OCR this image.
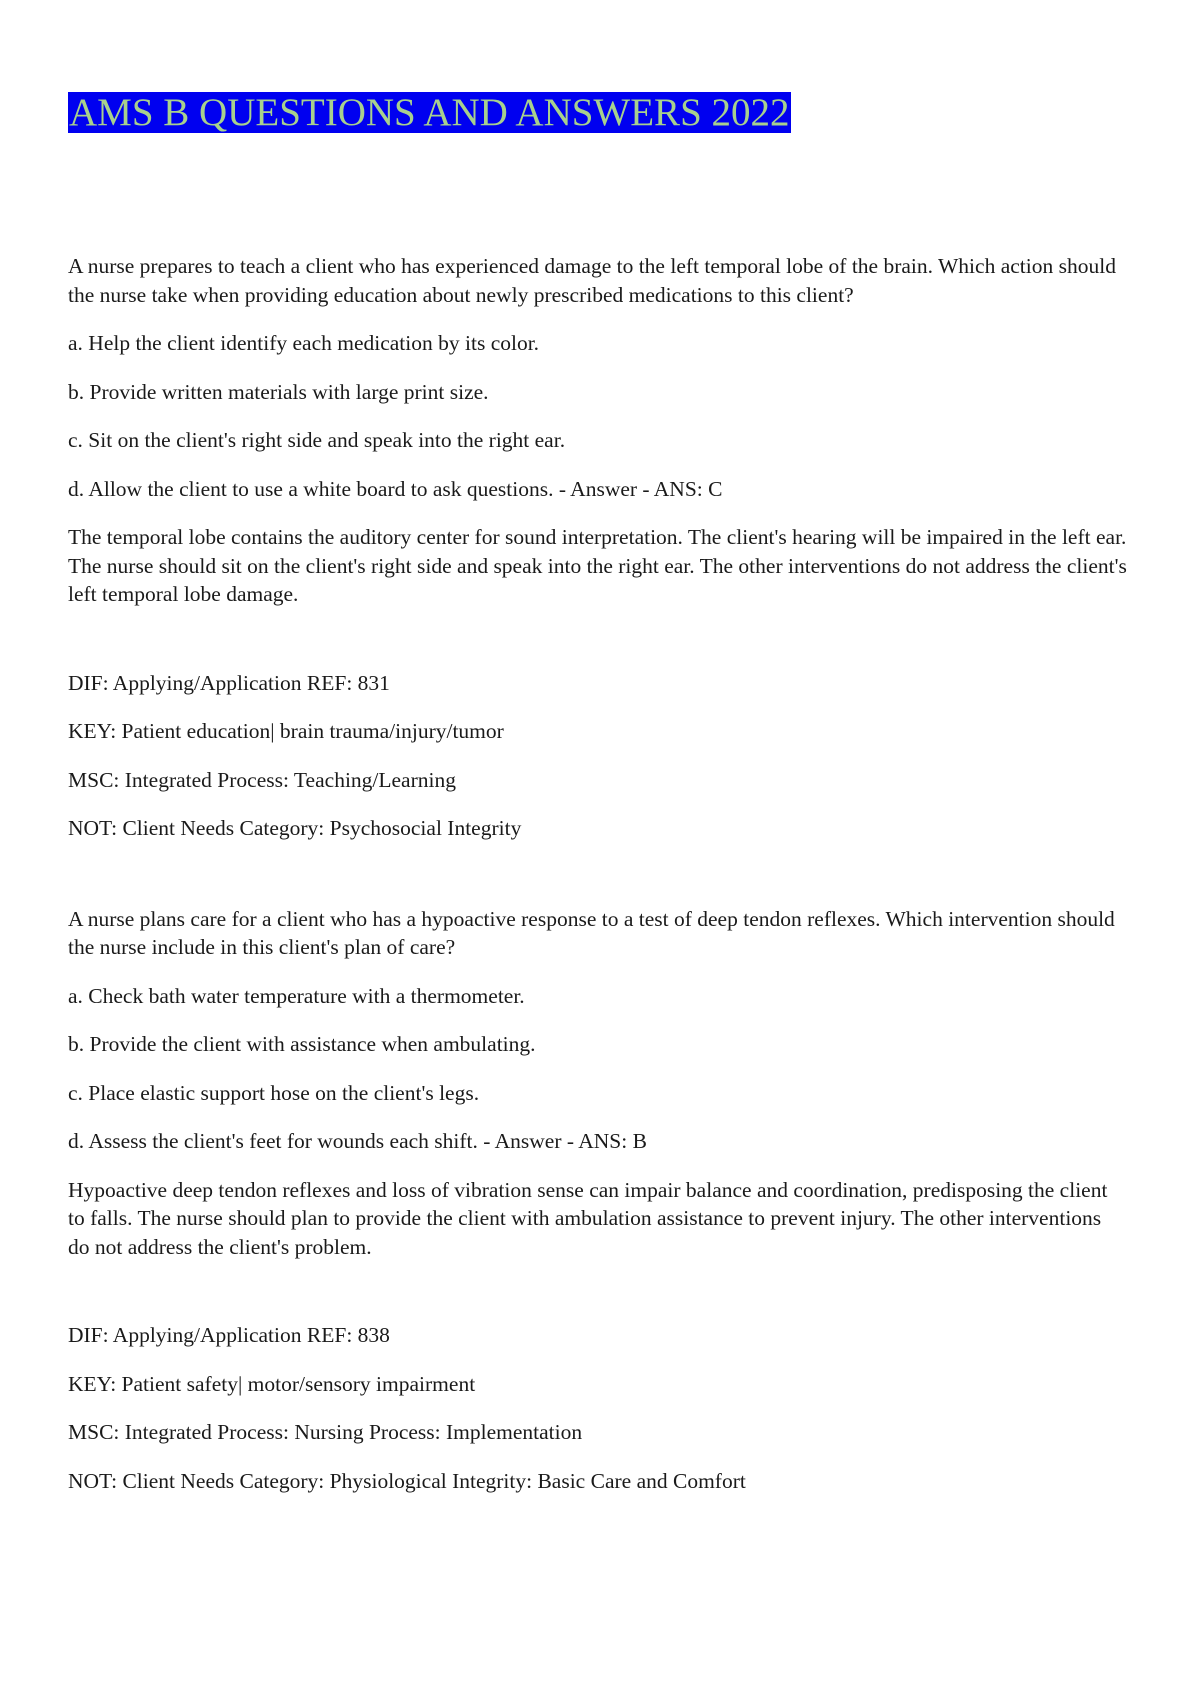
AMS B QUESTIONS AND ANSWERS 2022

A nurse prepares to teach a client who has experienced damage to the left temporal lobe of the brain. Which action should the nurse take when providing education about newly prescribed medications to this client?

a. Help the client identify each medication by its color.

b. Provide written materials with large print size.

c. Sit on the client's right side and speak into the right ear.

d. Allow the client to use a white board to ask questions. - Answer - ANS: C

The temporal lobe contains the auditory center for sound interpretation. The client's hearing will be impaired in the left ear. The nurse should sit on the client's right side and speak into the right ear. The other interventions do not address the client's left temporal lobe damage.

DIF: Applying/Application REF: 831

KEY: Patient education| brain trauma/injury/tumor

MSC: Integrated Process: Teaching/Learning

NOT: Client Needs Category: Psychosocial Integrity

A nurse plans care for a client who has a hypoactive response to a test of deep tendon reflexes. Which intervention should the nurse include in this client's plan of care?

a. Check bath water temperature with a thermometer.

b. Provide the client with assistance when ambulating.

c. Place elastic support hose on the client's legs.

d. Assess the client's feet for wounds each shift. - Answer - ANS: B

Hypoactive deep tendon reflexes and loss of vibration sense can impair balance and coordination, predisposing the client to falls. The nurse should plan to provide the client with ambulation assistance to prevent injury. The other interventions do not address the client's problem.

DIF: Applying/Application REF: 838

KEY: Patient safety| motor/sensory impairment

MSC: Integrated Process: Nursing Process: Implementation

NOT: Client Needs Category: Physiological Integrity: Basic Care and Comfort
